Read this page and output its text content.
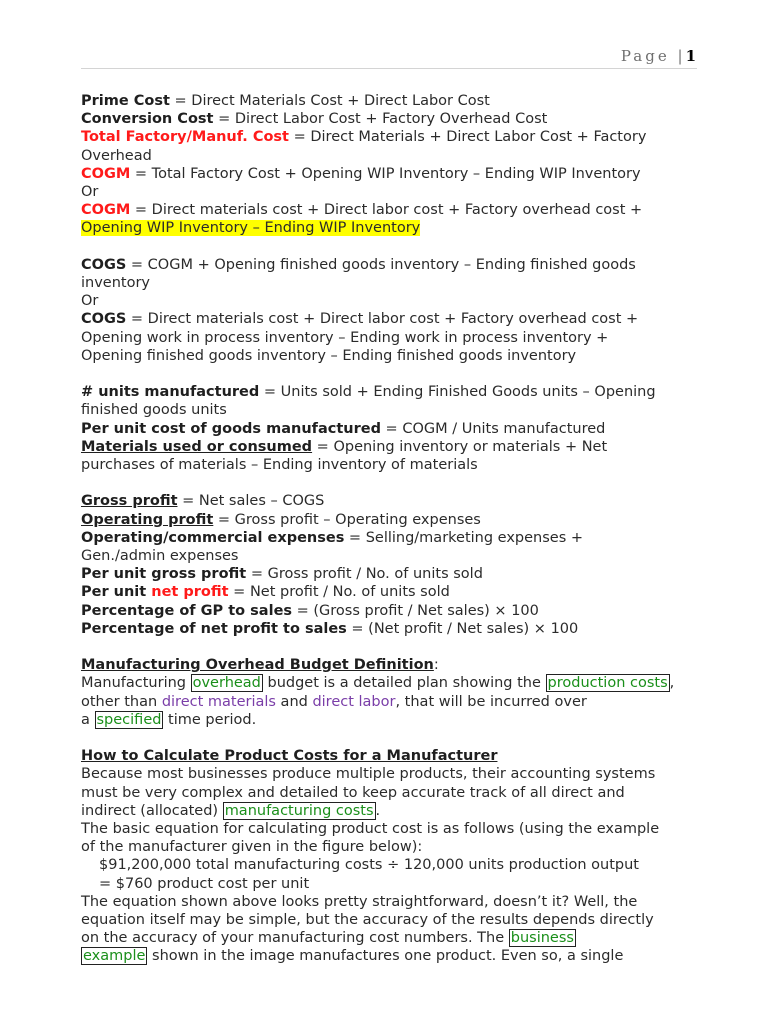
Page |1
Prime Cost = Direct Materials Cost + Direct Labor Cost
Conversion Cost = Direct Labor Cost + Factory Overhead Cost
Total Factory/Manuf. Cost = Direct Materials + Direct Labor Cost + Factory
Overhead
COGM = Total Factory Cost + Opening WIP Inventory – Ending WIP Inventory
Or
COGM = Direct materials cost + Direct labor cost + Factory overhead cost +
Opening WIP Inventory – Ending WIP Inventory
COGS = COGM + Opening finished goods inventory – Ending finished goods
inventory
Or
COGS = Direct materials cost + Direct labor cost + Factory overhead cost +
Opening work in process inventory – Ending work in process inventory +
Opening finished goods inventory – Ending finished goods inventory
# units manufactured = Units sold + Ending Finished Goods units – Opening
finished goods units
Per unit cost of goods manufactured = COGM / Units manufactured
Materials used or consumed = Opening inventory or materials + Net
purchases of materials – Ending inventory of materials
Gross profit = Net sales – COGS
Operating profit = Gross profit – Operating expenses
Operating/commercial expenses = Selling/marketing expenses +
Gen./admin expenses
Per unit gross profit = Gross profit / No. of units sold
Per unit net profit = Net profit / No. of units sold
Percentage of GP to sales = (Gross profit / Net sales) × 100
Percentage of net profit to sales = (Net profit / Net sales) × 100
Manufacturing Overhead Budget Definition:
Manufacturing overhead budget is a detailed plan showing the production costs ,
other than direct materials and direct labor, that will be incurred over
a specified time period.
How to Calculate Product Costs for a Manufacturer
Because most businesses produce multiple products, their accounting systems
must be very complex and detailed to keep accurate track of all direct and
indirect (allocated) manufacturing costs .
The basic equation for calculating product cost is as follows (using the example
of the manufacturer given in the figure below):
$91,200,000 total manufacturing costs ÷ 120,000 units production output
= $760 product cost per unit
The equation shown above looks pretty straightforward, doesn’t it? Well, the
equation itself may be simple, but the accuracy of the results depends directly
on the accuracy of your manufacturing cost numbers. The business
example shown in the image manufactures one product. Even so, a single
